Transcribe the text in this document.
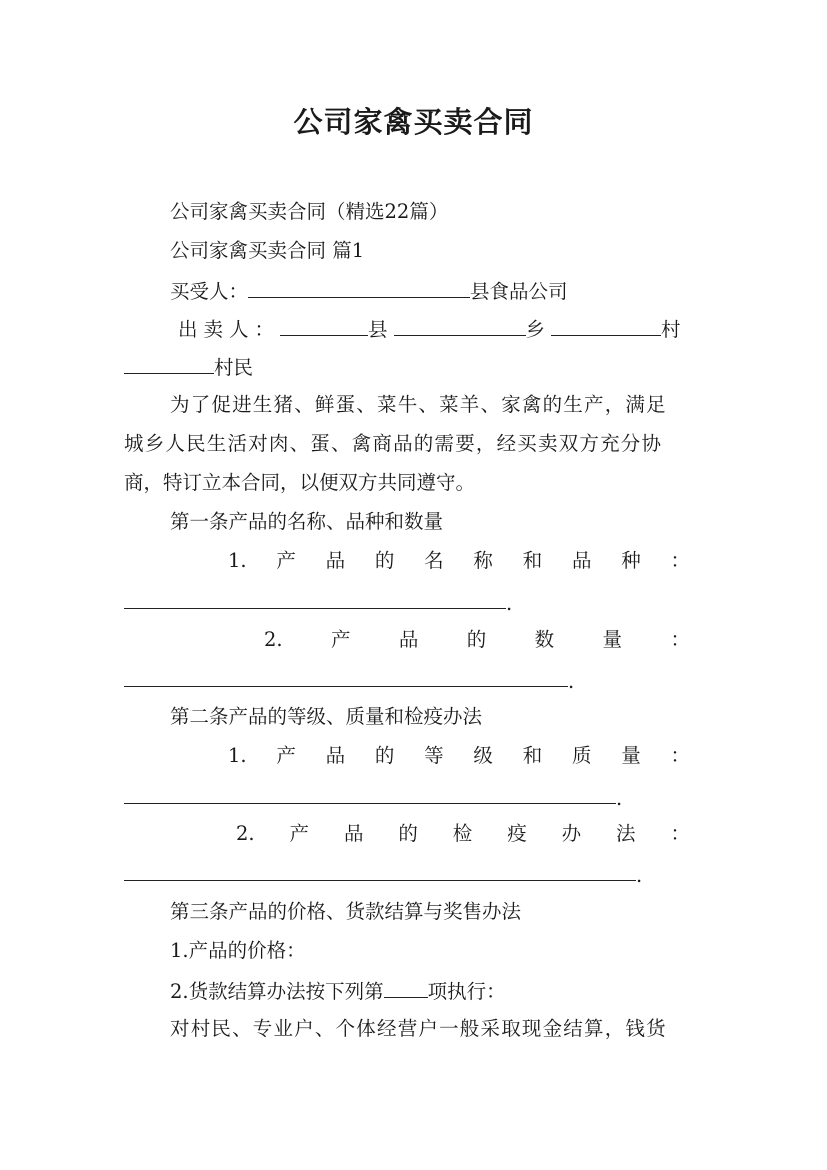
公司家禽买卖合同
公司家禽买卖合同（精选22篇）
公司家禽买卖合同 篇1
买受人：	县食品公司
出卖人：	县	乡	村
村民
为了促进生猪、鲜蛋、菜牛、菜羊、家禽的生产，满足
城乡人民生活对肉、蛋、禽商品的需要，经买卖双方充分协
商，特订立本合同，以便双方共同遵守。
第一条产品的名称、品种和数量
1. 产 品 的 名 称 和 品 种 ：
.
2. 产 品 的 数 量 ：
.
第二条产品的等级、质量和检疫办法
1. 产 品 的 等 级 和 质 量 ：
.
2. 产 品 的 检 疫 办 法 ：
.
第三条产品的价格、货款结算与奖售办法
1.产品的价格：
2.货款结算办法按下列第 项执行：
对村民、专业户、个体经营户一般采取现金结算，钱货
